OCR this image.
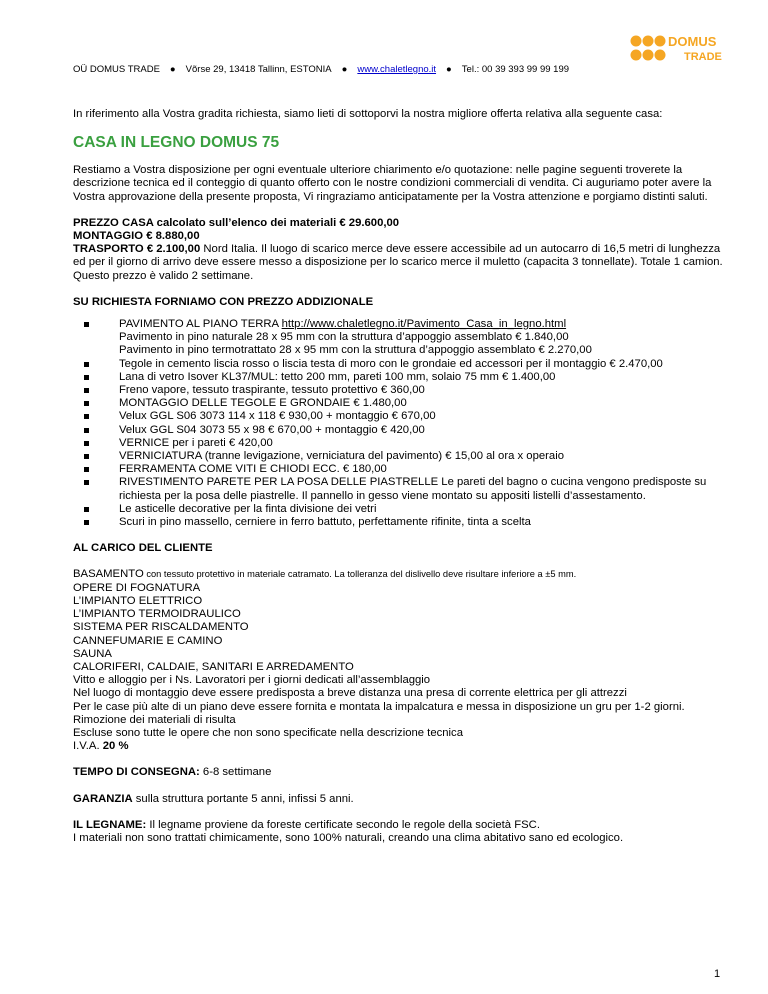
OÜ DOMUS TRADE ● Võrse 29, 13418 Tallinn, ESTONIA ● www.chaletlegno.it ● Tel.: 00 39 393 99 99 199
DOMUS
TRADE

In riferimento alla Vostra gradita richiesta, siamo lieti di sottoporvi la nostra migliore offerta relativa alla seguente casa:

CASA IN LEGNO DOMUS 75

Restiamo a Vostra disposizione per ogni eventuale ulteriore chiarimento e/o quotazione: nelle pagine seguenti troverete la descrizione tecnica ed il conteggio di quanto offerto con le nostre condizioni commerciali di vendita. Ci auguriamo poter avere la Vostra approvazione della presente proposta, Vi ringraziamo anticipatamente per la Vostra attenzione e porgiamo distinti saluti.

PREZZO CASA calcolato sull’elenco dei materiali € 29.600,00

MONTAGGIO € 8.880,00

TRASPORTO € 2.100,00 Nord Italia. Il luogo di scarico merce deve essere accessibile ad un autocarro di 16,5 metri di lunghezza ed per il giorno di arrivo deve essere messo a disposizione per lo scarico merce il muletto (capacita 3 tonnellate). Totale 1 camion. Questo prezzo è valido 2 settimane.

SU RICHIESTA FORNIAMO CON PREZZO ADDIZIONALE

PAVIMENTO AL PIANO TERRA http://www.chaletlegno.it/Pavimento_Casa_in_legno.html
Pavimento in pino naturale 28 x 95 mm con la struttura d’appoggio assemblato € 1.840,00
Pavimento in pino termotrattato 28 x 95 mm con la struttura d’appoggio assemblato € 2.270,00
Tegole in cemento liscia rosso o liscia testa di moro con le grondaie ed accessori per il montaggio € 2.470,00
Lana di vetro Isover KL37/MUL: tetto 200 mm, pareti 100 mm, solaio 75 mm € 1.400,00
Freno vapore, tessuto traspirante, tessuto protettivo € 360,00
MONTAGGIO DELLE TEGOLE E GRONDAIE € 1.480,00
Velux GGL S06 3073 114 x 118 € 930,00 + montaggio € 670,00
Velux GGL S04 3073 55 x 98 € 670,00 + montaggio € 420,00
VERNICE per i pareti € 420,00
VERNICIATURA (tranne levigazione, verniciatura del pavimento) € 15,00 al ora x operaio
FERRAMENTA COME VITI E CHIODI ECC. € 180,00
RIVESTIMENTO PARETE PER LA POSA DELLE PIASTRELLE Le pareti del bagno o cucina vengono predisposte su richiesta per la posa delle piastrelle. Il pannello in gesso viene montato su appositi listelli d’assestamento.
Le asticelle decorative per la finta divisione dei vetri
Scuri in pino massello, cerniere in ferro battuto, perfettamente rifinite, tinta a scelta

AL CARICO DEL CLIENTE

BASAMENTO con tessuto protettivo in materiale catramato. La tolleranza del dislivello deve risultare inferiore a ±5 mm.

OPERE DI FOGNATURA

L’IMPIANTO ELETTRICO

L’IMPIANTO TERMOIDRAULICO

SISTEMA PER RISCALDAMENTO

CANNEFUMARIE E CAMINO

SAUNA

CALORIFERI, CALDAIE, SANITARI E ARREDAMENTO

Vitto e alloggio per i Ns. Lavoratori per i giorni dedicati all’assemblaggio

Nel luogo di montaggio deve essere predisposta a breve distanza una presa di corrente elettrica per gli attrezzi

Per le case più alte di un piano deve essere fornita e montata la impalcatura e messa in disposizione un gru per 1-2 giorni.

Rimozione dei materiali di risulta

Escluse sono tutte le opere che non sono specificate nella descrizione tecnica

I.V.A. 20 %

TEMPO DI CONSEGNA: 6-8 settimane

GARANZIA sulla struttura portante 5 anni, infissi 5 anni.

IL LEGNAME: Il legname proviene da foreste certificate secondo le regole della società FSC.

I materiali non sono trattati chimicamente, sono 100% naturali, creando una clima abitativo sano ed ecologico.

1
